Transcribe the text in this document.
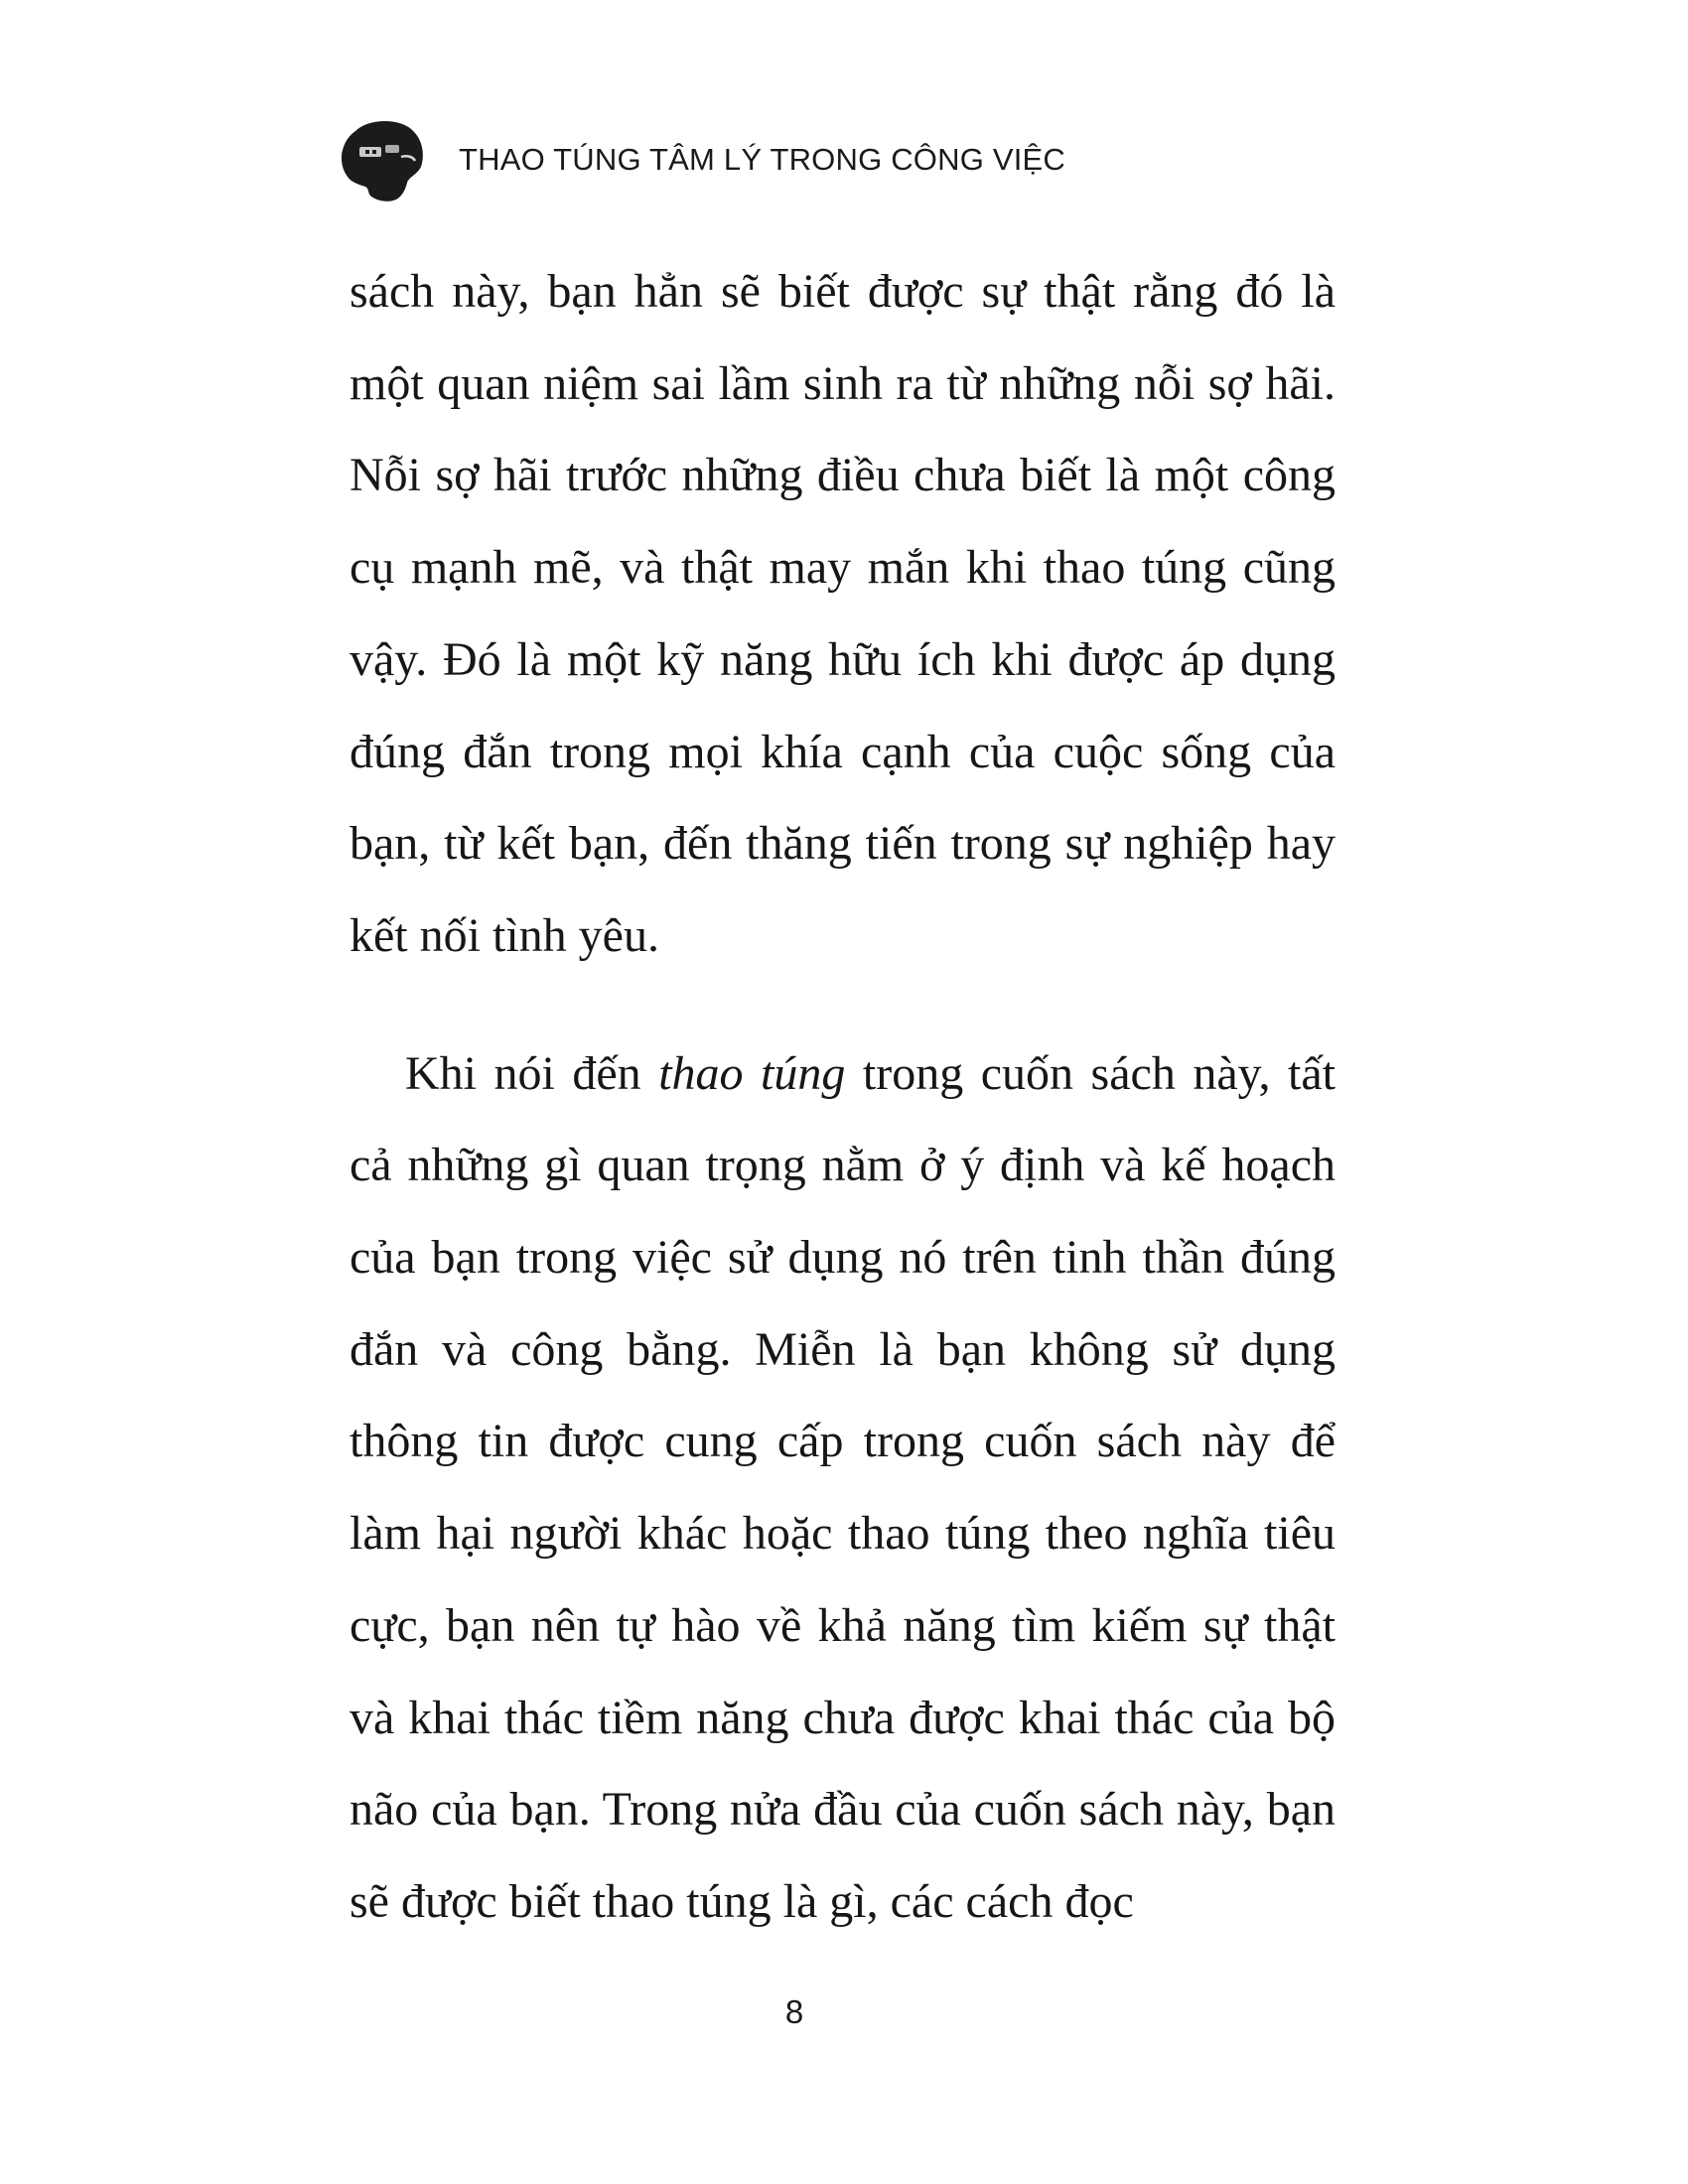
THAO TÚNG TÂM LÝ TRONG CÔNG VIỆC

sách này, bạn hẳn sẽ biết được sự thật rằng đó là một quan niệm sai lầm sinh ra từ những nỗi sợ hãi. Nỗi sợ hãi trước những điều chưa biết là một công cụ mạnh mẽ, và thật may mắn khi thao túng cũng vậy. Đó là một kỹ năng hữu ích khi được áp dụng đúng đắn trong mọi khía cạnh của cuộc sống của bạn, từ kết bạn, đến thăng tiến trong sự nghiệp hay kết nối tình yêu.

Khi nói đến thao túng trong cuốn sách này, tất cả những gì quan trọng nằm ở ý định và kế hoạch của bạn trong việc sử dụng nó trên tinh thần đúng đắn và công bằng. Miễn là bạn không sử dụng thông tin được cung cấp trong cuốn sách này để làm hại người khác hoặc thao túng theo nghĩa tiêu cực, bạn nên tự hào về khả năng tìm kiếm sự thật và khai thác tiềm năng chưa được khai thác của bộ não của bạn. Trong nửa đầu của cuốn sách này, bạn sẽ được biết thao túng là gì, các cách đọc

8
